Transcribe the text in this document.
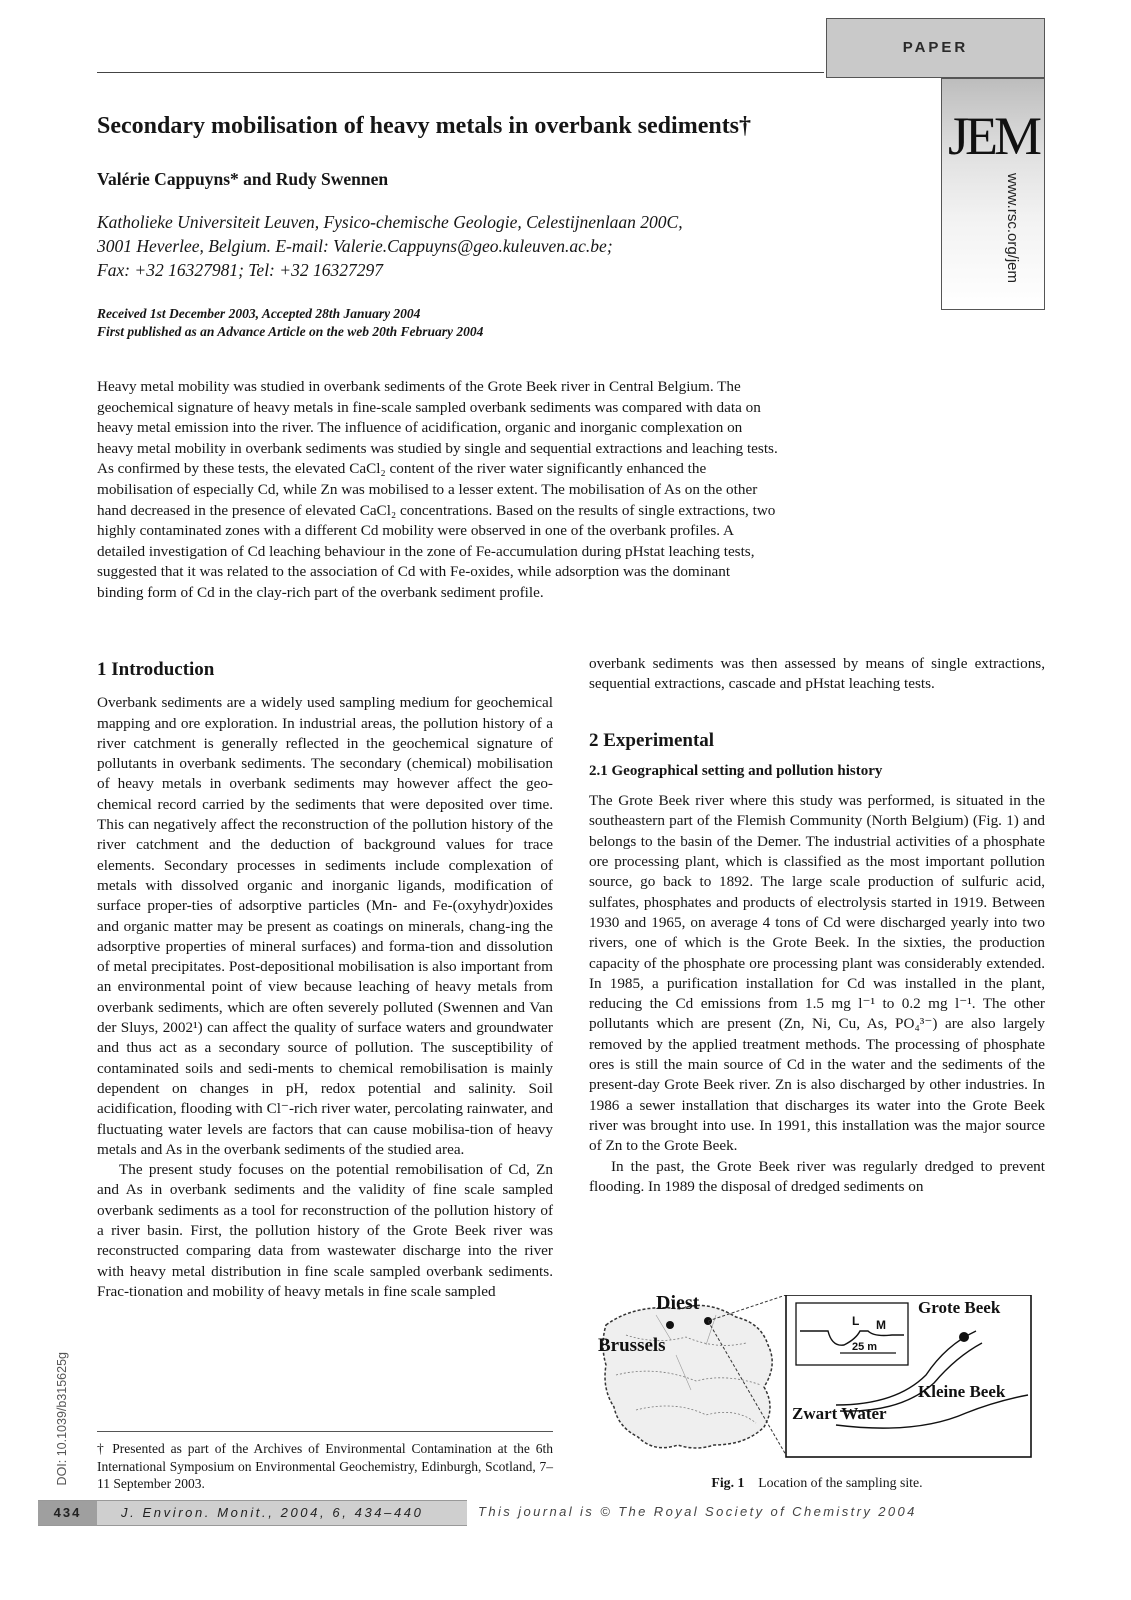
PAPER
JEM
www.rsc.org/jem
Secondary mobilisation of heavy metals in overbank sediments†
Valérie Cappuyns* and Rudy Swennen
Katholieke Universiteit Leuven, Fysico-chemische Geologie, Celestijnenlaan 200C,
3001 Heverlee, Belgium. E-mail: Valerie.Cappuyns@geo.kuleuven.ac.be;
Fax: +32 16327981; Tel: +32 16327297
Received 1st December 2003, Accepted 28th January 2004
First published as an Advance Article on the web 20th February 2004
Heavy metal mobility was studied in overbank sediments of the Grote Beek river in Central Belgium. The
geochemical signature of heavy metals in fine-scale sampled overbank sediments was compared with data on
heavy metal emission into the river. The influence of acidification, organic and inorganic complexation on
heavy metal mobility in overbank sediments was studied by single and sequential extractions and leaching tests.
As confirmed by these tests, the elevated CaCl₂ content of the river water significantly enhanced the
mobilisation of especially Cd, while Zn was mobilised to a lesser extent. The mobilisation of As on the other
hand decreased in the presence of elevated CaCl₂ concentrations. Based on the results of single extractions, two
highly contaminated zones with a different Cd mobility were observed in one of the overbank profiles. A
detailed investigation of Cd leaching behaviour in the zone of Fe-accumulation during pHstat leaching tests,
suggested that it was related to the association of Cd with Fe-oxides, while adsorption was the dominant
binding form of Cd in the clay-rich part of the overbank sediment profile.
1 Introduction

Overbank sediments are a widely used sampling medium for geochemical mapping and ore exploration. In industrial areas, the pollution history of a river catchment is generally reflected in the geochemical signature of pollutants in overbank sediments. The secondary (chemical) mobilisation of heavy metals in overbank sediments may however affect the geo-chemical record carried by the sediments that were deposited over time. This can negatively affect the reconstruction of the pollution history of the river catchment and the deduction of background values for trace elements. Secondary processes in sediments include complexation of metals with dissolved organic and inorganic ligands, modification of surface proper-ties of adsorptive particles (Mn- and Fe-(oxyhydr)oxides and organic matter may be present as coatings on minerals, chang-ing the adsorptive properties of mineral surfaces) and forma-tion and dissolution of metal precipitates. Post-depositional mobilisation is also important from an environmental point of view because leaching of heavy metals from overbank sediments, which are often severely polluted (Swennen and Van der Sluys, 2002¹) can affect the quality of surface waters and groundwater and thus act as a secondary source of pollution. The susceptibility of contaminated soils and sedi-ments to chemical remobilisation is mainly dependent on changes in pH, redox potential and salinity. Soil acidification, flooding with Cl⁻-rich river water, percolating rainwater, and fluctuating water levels are factors that can cause mobilisa-tion of heavy metals and As in the overbank sediments of the studied area.

The present study focuses on the potential remobilisation of Cd, Zn and As in overbank sediments and the validity of fine scale sampled overbank sediments as a tool for reconstruction of the pollution history of a river basin. First, the pollution history of the Grote Beek river was reconstructed comparing data from wastewater discharge into the river with heavy metal distribution in fine scale sampled overbank sediments. Frac-tionation and mobility of heavy metals in fine scale sampled

overbank sediments was then assessed by means of single extractions, sequential extractions, cascade and pHstat leaching tests.

2 Experimental
2.1 Geographical setting and pollution history

The Grote Beek river where this study was performed, is situated in the southeastern part of the Flemish Community (North Belgium) (Fig. 1) and belongs to the basin of the Demer. The industrial activities of a phosphate ore processing plant, which is classified as the most important pollution source, go back to 1892. The large scale production of sulfuric acid, sulfates, phosphates and products of electrolysis started in 1919. Between 1930 and 1965, on average 4 tons of Cd were discharged yearly into two rivers, one of which is the Grote Beek. In the sixties, the production capacity of the phosphate ore processing plant was considerably extended. In 1985, a purification installation for Cd was installed in the plant, reducing the Cd emissions from 1.5 mg l⁻¹ to 0.2 mg l⁻¹. The other pollutants which are present (Zn, Ni, Cu, As, PO₄³⁻) are also largely removed by the applied treatment methods. The processing of phosphate ores is still the main source of Cd in the water and the sediments of the present-day Grote Beek river. Zn is also discharged by other industries. In 1986 a sewer installation that discharges its water into the Grote Beek river was brought into use. In 1991, this installation was the major source of Zn to the Grote Beek.

In the past, the Grote Beek river was regularly dredged to prevent flooding. In 1989 the disposal of dredged sediments on

Diest
Brussels
L M
25 m
Grote Beek
Kleine Beek
Zwart Water
Fig. 1 Location of the sampling site.
† Presented as part of the Archives of Environmental Contamination at the 6th International Symposium on Environmental Geochemistry, Edinburgh, Scotland, 7–11 September 2003.
DOI: 10.1039/b315625g
434	J. Environ. Monit., 2004, 6, 434–440	This journal is © The Royal Society of Chemistry 2004
